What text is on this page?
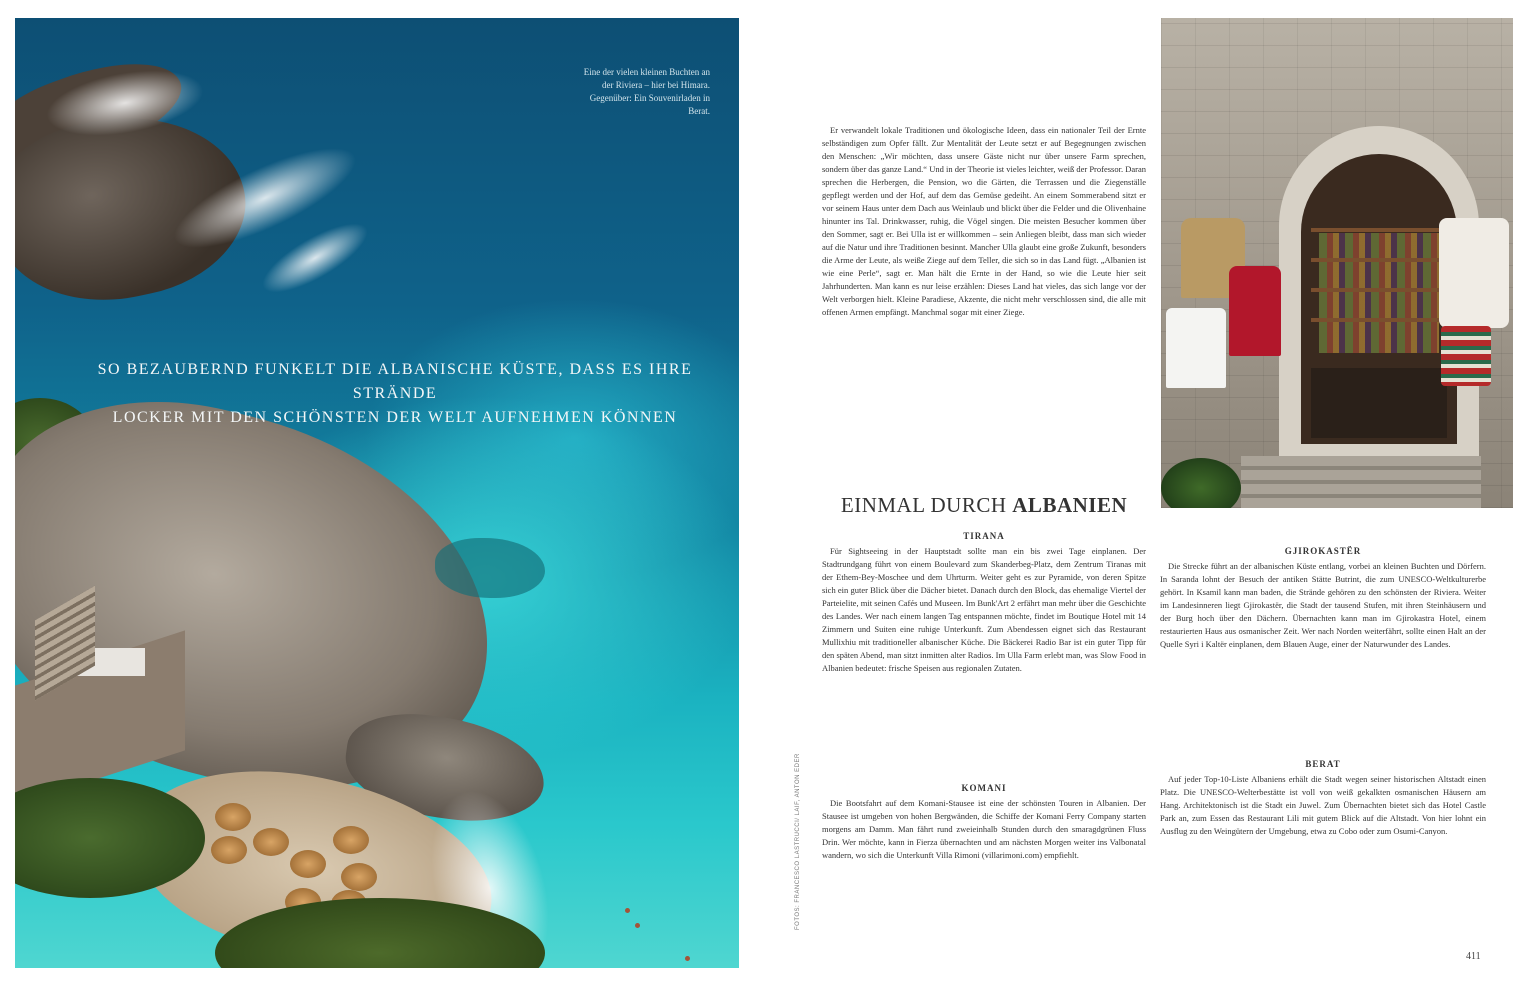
Eine der vielen kleinen Buchten an der Riviera – hier bei Himara. Gegenüber: Ein Souvenirladen in Berat.
SO BEZAUBERND FUNKELT DIE ALBANISCHE KÜSTE, DASS ES IHRE STRÄNDE
LOCKER MIT DEN SCHÖNSTEN DER WELT AUFNEHMEN KÖNNEN
FOTOS: FRANCESCO LASTRUCCI/ LAIF, ANTON EDER

Er verwandelt lokale Traditionen und ökologische Ideen, dass ein nationaler Teil der Ernte selbständigen zum Opfer fällt. Zur Mentalität der Leute setzt er auf Begegnungen zwischen den Menschen: „Wir möchten, dass unsere Gäste nicht nur über unsere Farm sprechen, sondern über das ganze Land.“ Und in der Theorie ist vieles leichter, weiß der Professor. Daran sprechen die Herbergen, die Pension, wo die Gärten, die Terrassen und die Ziegenställe gepflegt werden und der Hof, auf dem das Gemüse gedeiht. An einem Sommerabend sitzt er vor seinem Haus unter dem Dach aus Weinlaub und blickt über die Felder und die Olivenhaine hinunter ins Tal. Drinkwasser, ruhig, die Vögel singen. Die meisten Besucher kommen über den Sommer, sagt er. Bei Ulla ist er willkommen – sein Anliegen bleibt, dass man sich wieder auf die Natur und ihre Traditionen besinnt. Mancher Ulla glaubt eine große Zukunft, besonders die Arme der Leute, als weiße Ziege auf dem Teller, die sich so in das Land fügt. „Albanien ist wie eine Perle“, sagt er. Man hält die Ernte in der Hand, so wie die Leute hier seit Jahrhunderten. Man kann es nur leise erzählen: Dieses Land hat vieles, das sich lange vor der Welt verborgen hielt. Kleine Paradiese, Akzente, die nicht mehr verschlossen sind, die alle mit offenen Armen empfängt. Manchmal sogar mit einer Ziege.

EINMAL DURCH ALBANIEN
TIRANA

Für Sightseeing in der Hauptstadt sollte man ein bis zwei Tage einplanen. Der Stadtrundgang führt von einem Boulevard zum Skanderbeg-Platz, dem Zentrum Tiranas mit der Ethem-Bey-Moschee und dem Uhrturm. Weiter geht es zur Pyramide, von deren Spitze sich ein guter Blick über die Dächer bietet. Danach durch den Block, das ehemalige Viertel der Parteielite, mit seinen Cafés und Museen. Im Bunk'Art 2 erfährt man mehr über die Geschichte des Landes. Wer nach einem langen Tag entspannen möchte, findet im Boutique Hotel mit 14 Zimmern und Suiten eine ruhige Unterkunft. Zum Abendessen eignet sich das Restaurant Mullixhiu mit traditioneller albanischer Küche. Die Bäckerei Radio Bar ist ein guter Tipp für den späten Abend, man sitzt inmitten alter Radios. Im Ulla Farm erlebt man, was Slow Food in Albanien bedeutet: frische Speisen aus regionalen Zutaten.

KOMANI

Die Bootsfahrt auf dem Komani-Stausee ist eine der schönsten Touren in Albanien. Der Stausee ist umgeben von hohen Bergwänden, die Schiffe der Komani Ferry Company starten morgens am Damm. Man fährt rund zweieinhalb Stunden durch den smaragdgrünen Fluss Drin. Wer möchte, kann in Fierza übernachten und am nächsten Morgen weiter ins Valbonatal wandern, wo sich die Unterkunft Villa Rimoni (villarimoni.com) empfiehlt.

GJIROKASTËR

Die Strecke führt an der albanischen Küste entlang, vorbei an kleinen Buchten und Dörfern. In Saranda lohnt der Besuch der antiken Stätte Butrint, die zum UNESCO-Weltkulturerbe gehört. In Ksamil kann man baden, die Strände gehören zu den schönsten der Riviera. Weiter im Landesinneren liegt Gjirokastër, die Stadt der tausend Stufen, mit ihren Steinhäusern und der Burg hoch über den Dächern. Übernachten kann man im Gjirokastra Hotel, einem restaurierten Haus aus osmanischer Zeit. Wer nach Norden weiterfährt, sollte einen Halt an der Quelle Syri i Kaltër einplanen, dem Blauen Auge, einer der Naturwunder des Landes.

BERAT

Auf jeder Top-10-Liste Albaniens erhält die Stadt wegen seiner historischen Altstadt einen Platz. Die UNESCO-Welterbestätte ist voll von weiß gekalkten osmanischen Häusern am Hang. Architektonisch ist die Stadt ein Juwel. Zum Übernachten bietet sich das Hotel Castle Park an, zum Essen das Restaurant Lili mit gutem Blick auf die Altstadt. Von hier lohnt ein Ausflug zu den Weingütern der Umgebung, etwa zu Cobo oder zum Osumi-Canyon.

411
